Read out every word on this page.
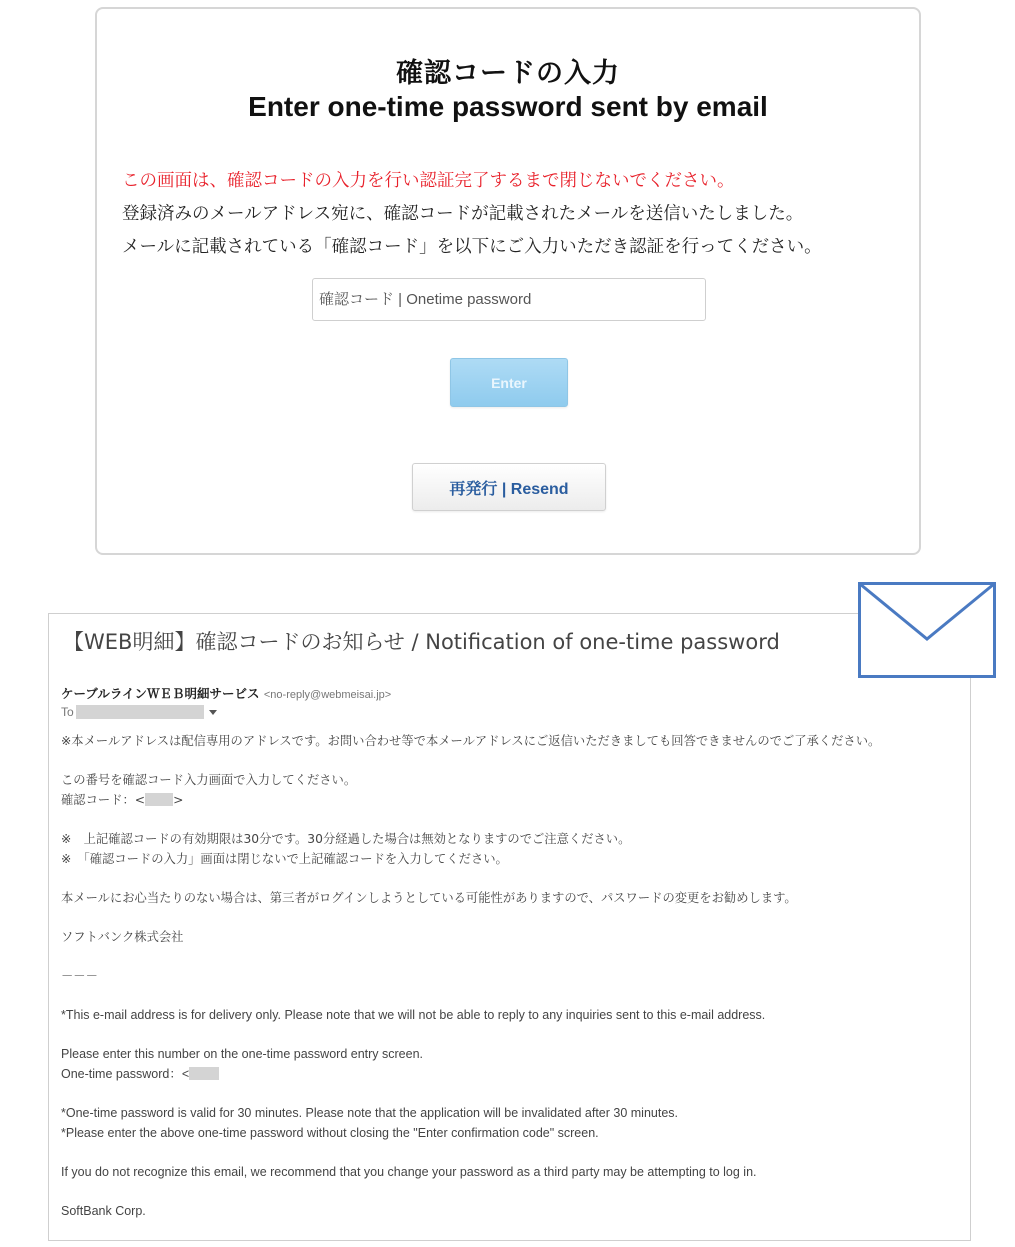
確認コードの入力
Enter one-time password sent by email
この画面は、確認コードの入力を行い認証完了するまで閉じないでください。
登録済みのメールアドレス宛に、確認コードが記載されたメールを送信いたしました。
メールに記載されている「確認コード」を以下にご入力いただき認証を行ってください。
確認コード | Onetime password
Enter
再発行 | Resend
【WEB明細】確認コードのお知らせ / Notification of one-time password
ケーブルラインＷＥＢ明細サービス <no-reply@webmeisai.jp>
To
※本メールアドレスは配信専用のアドレスです。お問い合わせ等で本メールアドレスにご返信いただきましても回答できませんのでご了承ください。
この番号を確認コード入力画面で入力してください。
確認コード：< >
※　上記確認コードの有効期限は30分です。30分経過した場合は無効となりますのでご注意ください。
※　「確認コードの入力」画面は閉じないで上記確認コードを入力してください。
本メールにお心当たりのない場合は、第三者がログインしようとしている可能性がありますので、パスワードの変更をお勧めします。
ソフトバンク株式会社
－－－
*This e-mail address is for delivery only. Please note that we will not be able to reply to any inquiries sent to this e-mail address.
Please enter this number on the one-time password entry screen.
One-time password：<
*One-time password is valid for 30 minutes. Please note that the application will be invalidated after 30 minutes.
*Please enter the above one-time password without closing the "Enter confirmation code" screen.
If you do not recognize this email, we recommend that you change your password as a third party may be attempting to log in.
SoftBank Corp.
